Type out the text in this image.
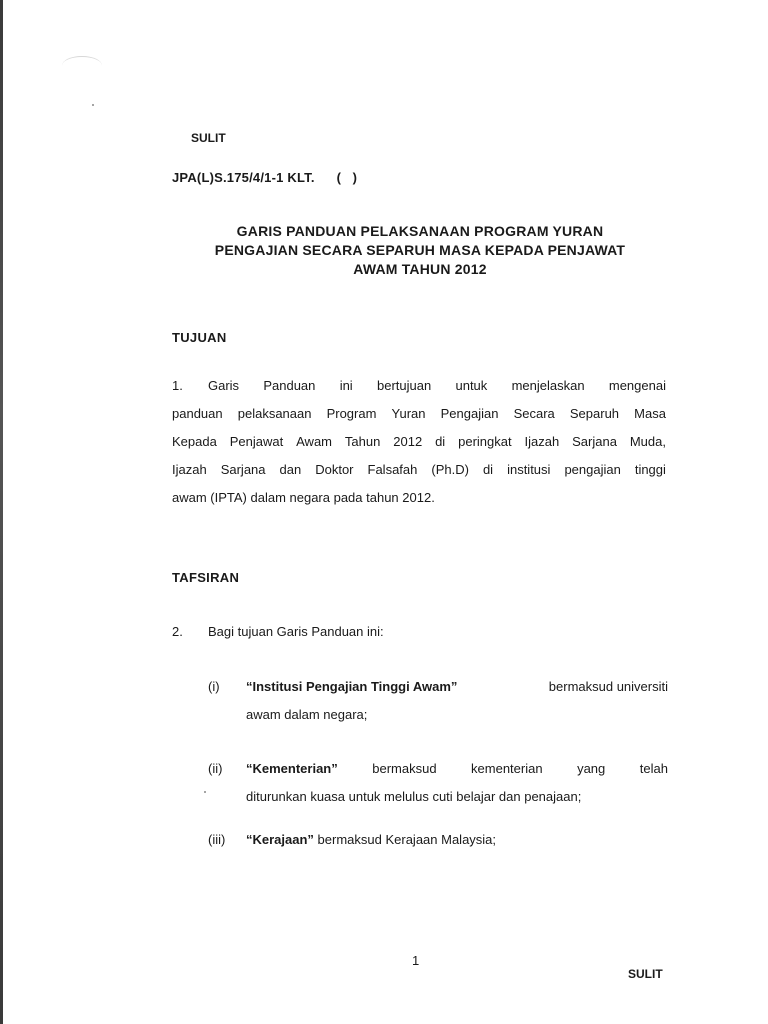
SULIT
JPA(L)S.175/4/1-1 KLT. (   )
GARIS PANDUAN PELAKSANAAN PROGRAM YURAN
PENGAJIAN SECARA SEPARUH MASA KEPADA PENJAWAT
AWAM TAHUN 2012
TUJUAN
1.	Garis Panduan ini bertujuan untuk menjelaskan mengenai
panduan pelaksanaan Program Yuran Pengajian Secara Separuh Masa
Kepada Penjawat Awam Tahun 2012 di peringkat Ijazah Sarjana Muda,
Ijazah Sarjana dan Doktor Falsafah (Ph.D) di institusi pengajian tinggi
awam (IPTA) dalam negara pada tahun 2012.
TAFSIRAN
2. Bagi tujuan Garis Panduan ini:
(i)	“Institusi Pengajian Tinggi Awam”	bermaksud universiti
awam dalam negara;
(ii)	“Kementerian”	bermaksud	kementerian	yang	telah
diturunkan kuasa untuk melulus cuti belajar dan penajaan;
(iii) “Kerajaan” bermaksud Kerajaan Malaysia;
1
SULIT
